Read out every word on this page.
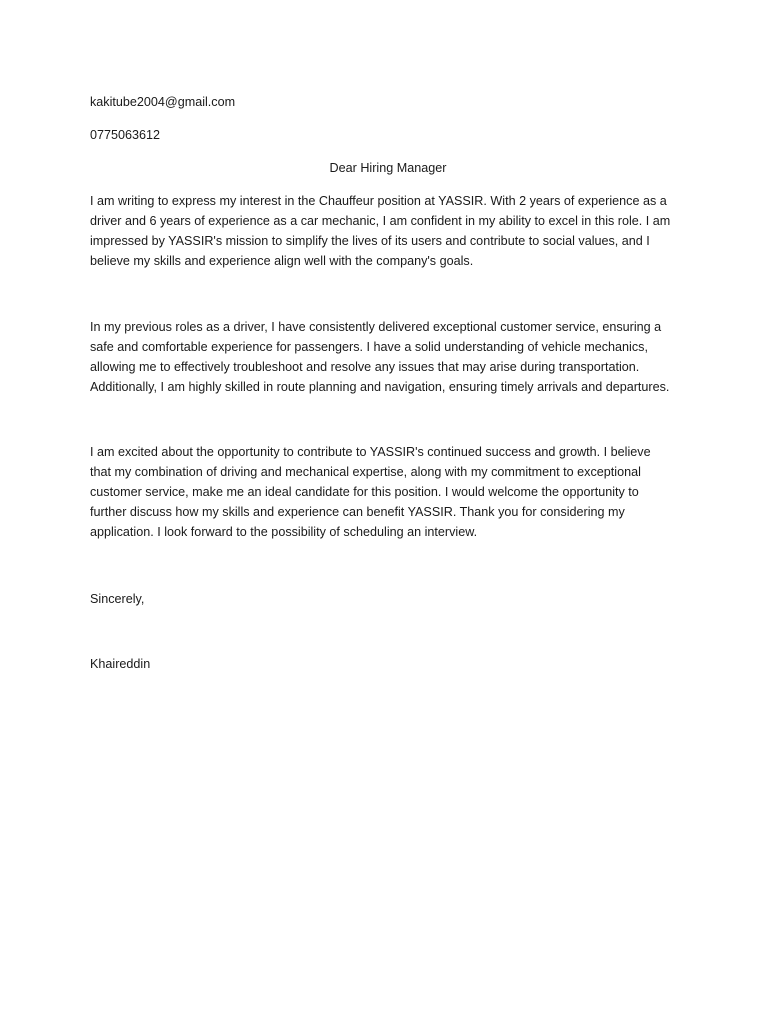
kakitube2004@gmail.com

0775063612

Dear Hiring Manager

I am writing to express my interest in the Chauffeur position at YASSIR. With 2 years of experience as a
driver and 6 years of experience as a car mechanic, I am confident in my ability to excel in this role. I am
impressed by YASSIR's mission to simplify the lives of its users and contribute to social values, and I
believe my skills and experience align well with the company's goals.
In my previous roles as a driver, I have consistently delivered exceptional customer service, ensuring a
safe and comfortable experience for passengers. I have a solid understanding of vehicle mechanics,
allowing me to effectively troubleshoot and resolve any issues that may arise during transportation.
Additionally, I am highly skilled in route planning and navigation, ensuring timely arrivals and departures.
I am excited about the opportunity to contribute to YASSIR's continued success and growth. I believe
that my combination of driving and mechanical expertise, along with my commitment to exceptional
customer service, make me an ideal candidate for this position. I would welcome the opportunity to
further discuss how my skills and experience can benefit YASSIR. Thank you for considering my
application. I look forward to the possibility of scheduling an interview.

Sincerely,

Khaireddin
